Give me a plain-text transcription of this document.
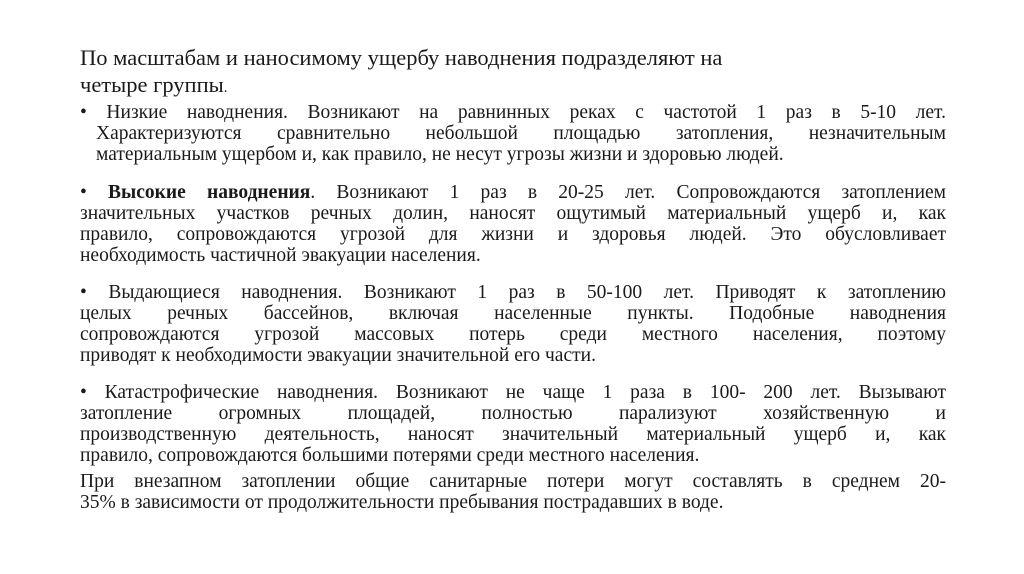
По масштабам и наносимому ущербу наводнения подразделяют на
четыре группы.
• Низкие наводнения. Возникают на равнинных реках с частотой 1 раз в 5-10 лет.
Характеризуются сравнительно небольшой площадью затопления, незначительным
материальным ущербом и, как правило, не несут угрозы жизни и здоровью людей.
• Высокие наводнения. Возникают 1 раз в 20-25 лет. Сопровождаются затоплением
значительных участков речных долин, наносят ощутимый материальный ущерб и, как
правило, сопровождаются угрозой для жизни и здоровья людей. Это обусловливает
необходимость частичной эвакуации населения.
• Выдающиеся наводнения. Возникают 1 раз в 50-100 лет. Приводят к затоплению
целых речных бассейнов, включая населенные пункты. Подобные наводнения
сопровождаются угрозой массовых потерь среди местного населения, поэтому
приводят к необходимости эвакуации значительной его части.
• Катастрофические наводнения. Возникают не чаще 1 раза в 100- 200 лет. Вызывают
затопление огромных площадей, полностью парализуют хозяйственную и
производственную деятельность, наносят значительный материальный ущерб и, как
правило, сопровождаются большими потерями среди местного населения.
При внезапном затоплении общие санитарные потери могут составлять в среднем 20-
35% в зависимости от продолжительности пребывания пострадавших в воде.
